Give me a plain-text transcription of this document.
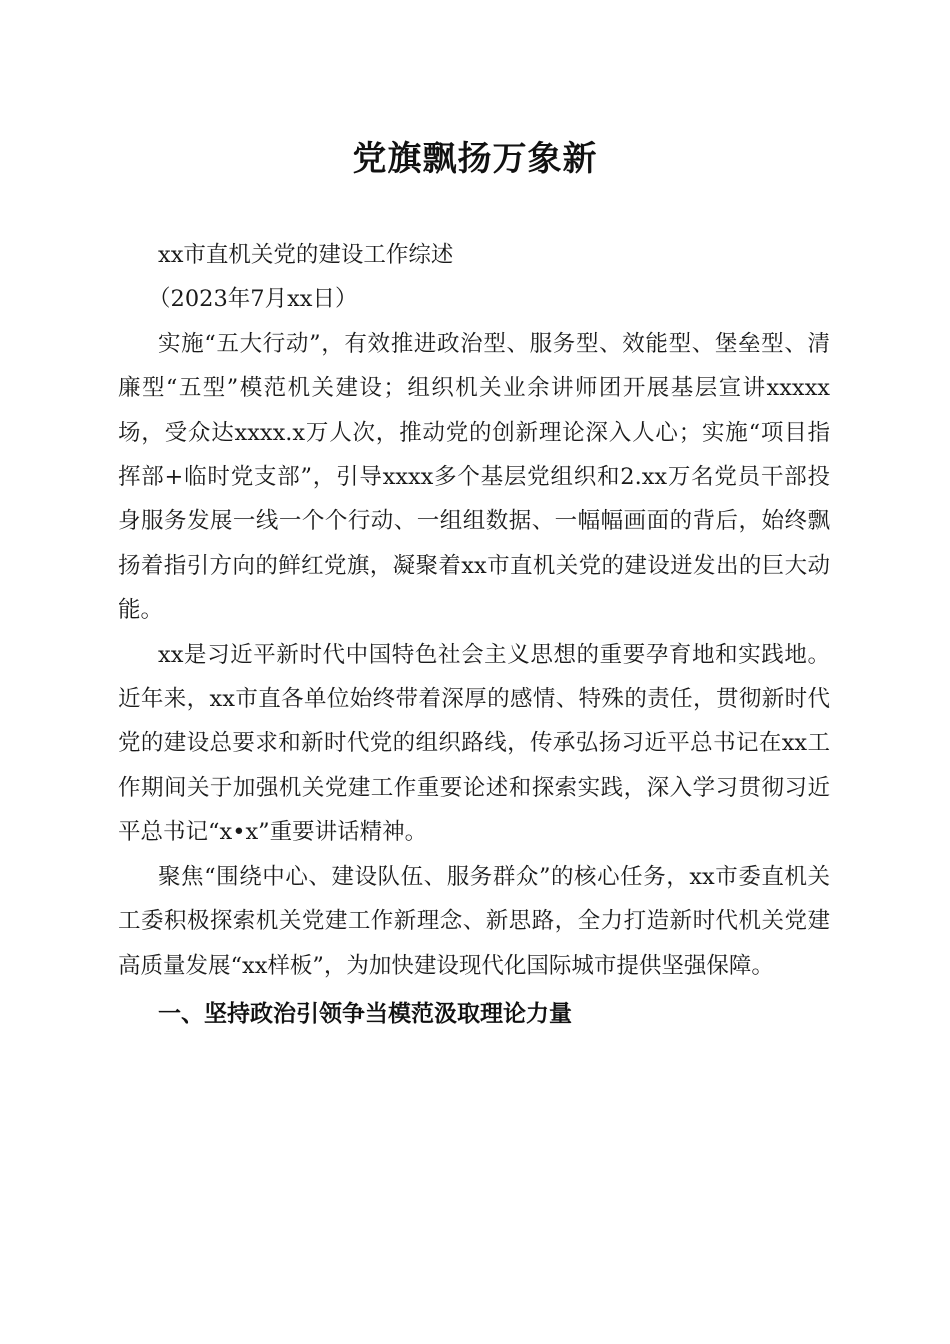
党旗飘扬万象新

xx市直机关党的建设工作综述

（2023年7月xx日）

实施“五大行动”，有效推进政治型、服务型、效能型、堡垒型、清廉型“五型”模范机关建设；组织机关业余讲师团开展基层宣讲xxxxx场，受众达xxxx.x万人次，推动党的创新理论深入人心；实施“项目指挥部+临时党支部”，引导xxxx多个基层党组织和2.xx万名党员干部投身服务发展一线一个个行动、一组组数据、一幅幅画面的背后，始终飘扬着指引方向的鲜红党旗，凝聚着xx市直机关党的建设迸发出的巨大动能。

xx是习近平新时代中国特色社会主义思想的重要孕育地和实践地。近年来，xx市直各单位始终带着深厚的感情、特殊的责任，贯彻新时代党的建设总要求和新时代党的组织路线，传承弘扬习近平总书记在xx工作期间关于加强机关党建工作重要论述和探索实践，深入学习贯彻习近平总书记“x•x”重要讲话精神。

聚焦“围绕中心、建设队伍、服务群众”的核心任务，xx市委直机关工委积极探索机关党建工作新理念、新思路，全力打造新时代机关党建高质量发展“xx样板”，为加快建设现代化国际城市提供坚强保障。

一、坚持政治引领争当模范汲取理论力量
